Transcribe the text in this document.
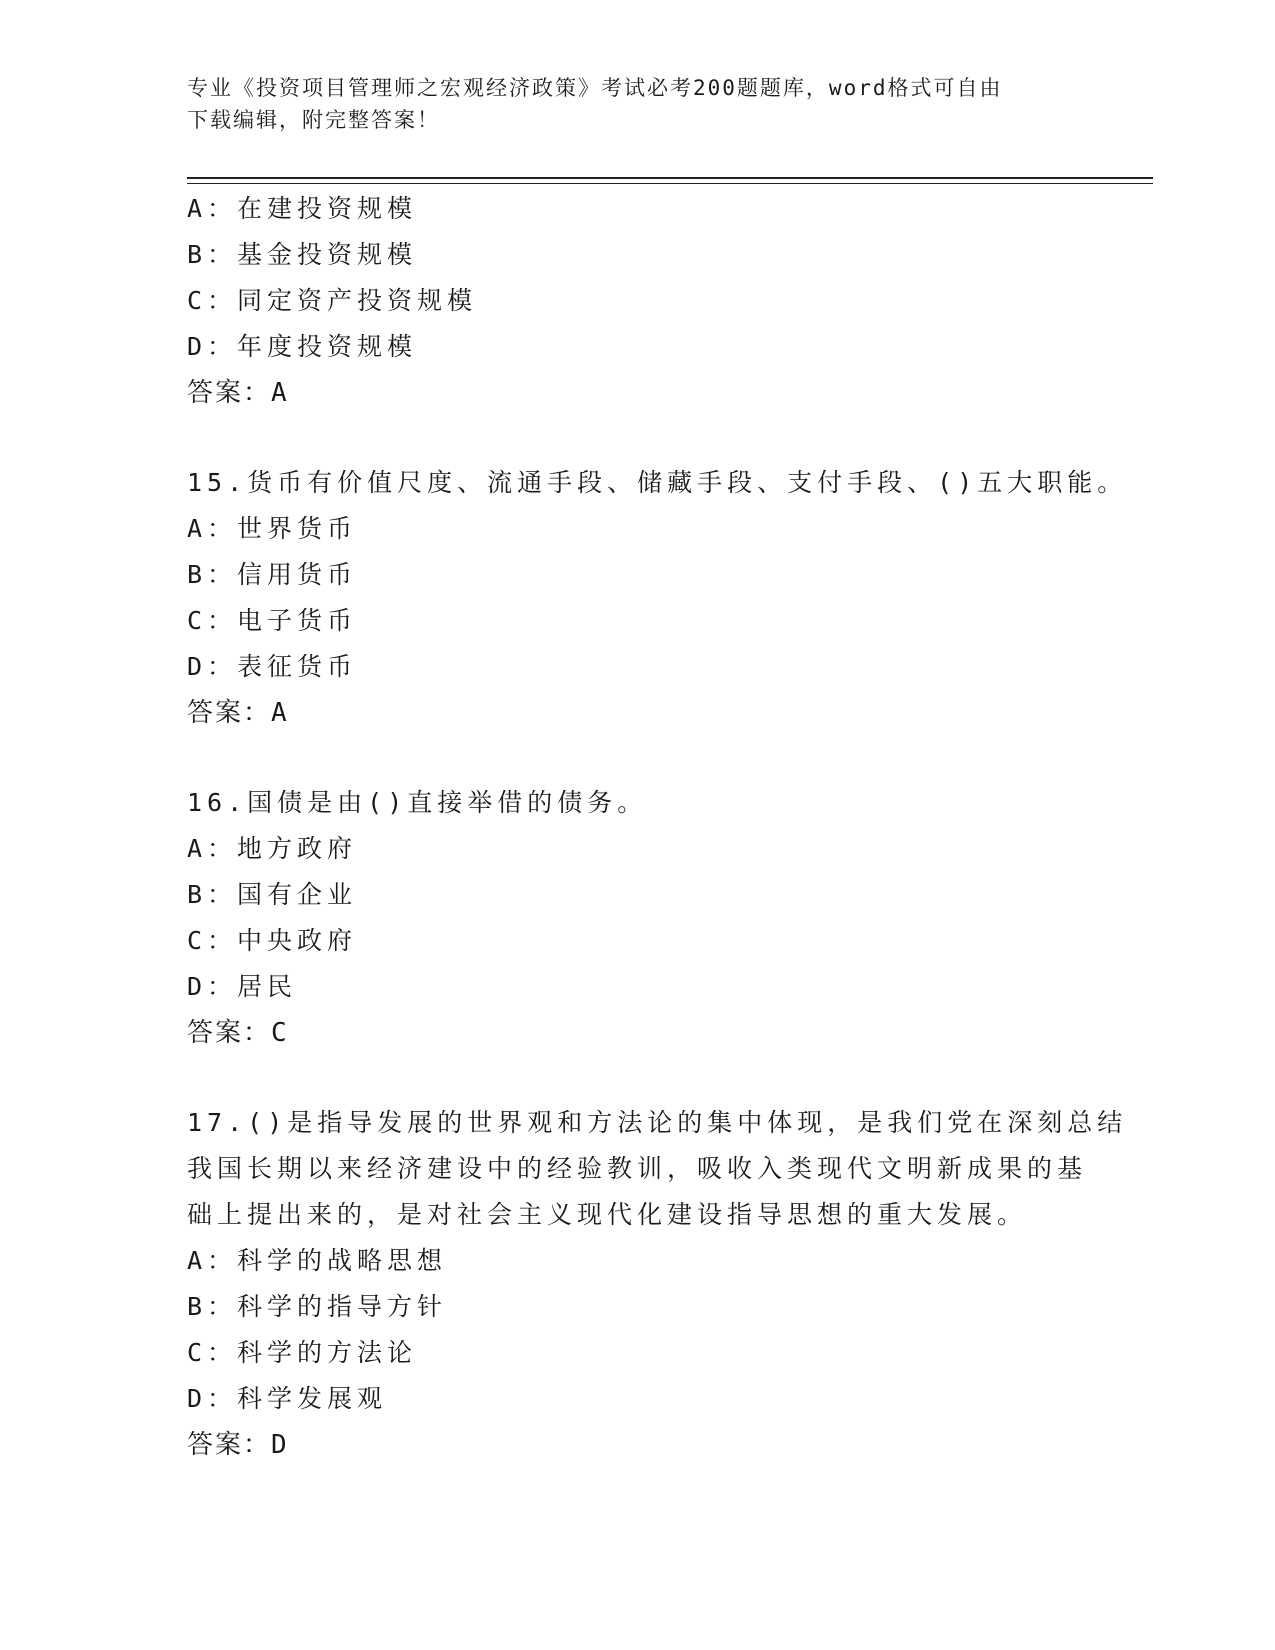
专业《投资项目管理师之宏观经济政策》考试必考200题题库，word格式可自由
下载编辑，附完整答案！
A：在建投资规模
B：基金投资规模
C：同定资产投资规模
D：年度投资规模
答案：A
15.货币有价值尺度、流通手段、储藏手段、支付手段、()五大职能。
A：世界货币
B：信用货币
C：电子货币
D：表征货币
答案：A
16.国债是由()直接举借的债务。
A：地方政府
B：国有企业
C：中央政府
D：居民
答案：C
17.()是指导发展的世界观和方法论的集中体现，是我们党在深刻总结
我国长期以来经济建设中的经验教训，吸收入类现代文明新成果的基
础上提出来的，是对社会主义现代化建设指导思想的重大发展。
A：科学的战略思想
B：科学的指导方针
C：科学的方法论
D：科学发展观
答案：D
